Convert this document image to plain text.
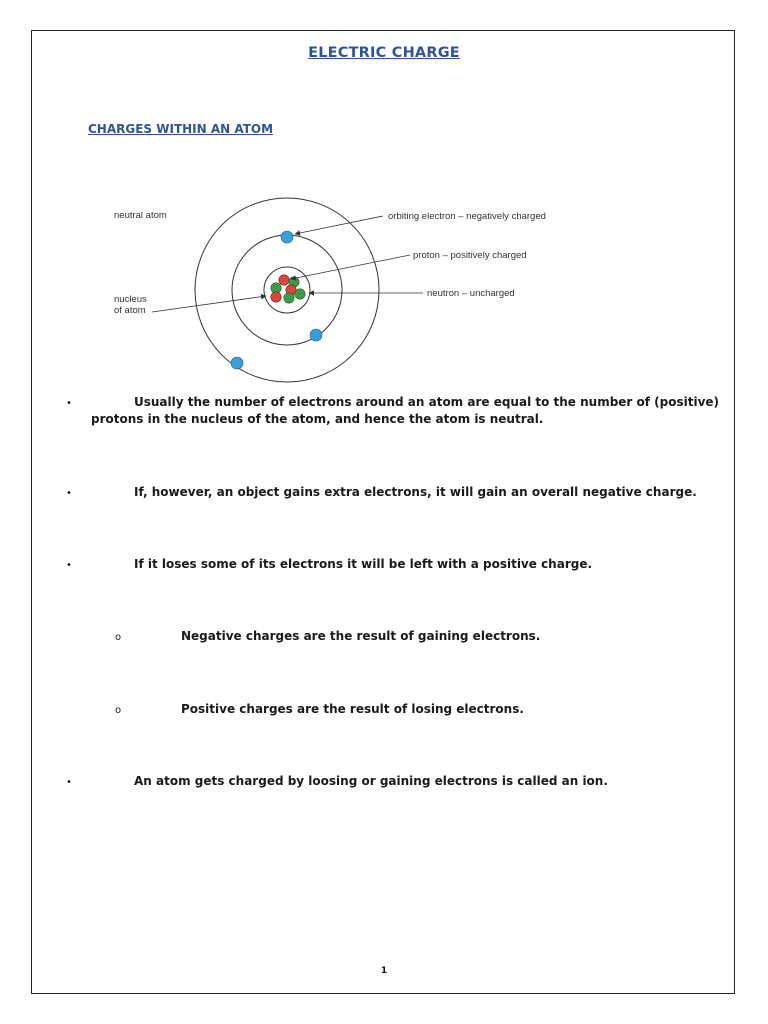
ELECTRIC CHARGE
CHARGES WITHIN AN ATOM
neutral atom
nucleus
of atom
orbiting electron – negatively charged
proton – positively charged
neutron – uncharged
•	Usually the number of electrons around an atom are equal to the number of (positive)
protons in the nucleus of the atom, and hence the atom is neutral.
•	If, however, an object gains extra electrons, it will gain an overall negative charge.
•	If it loses some of its electrons it will be left with a positive charge.
o	Negative charges are the result of gaining electrons.
o	Positive charges are the result of losing electrons.
•	An atom gets charged by loosing or gaining electrons is called an ion.
1
